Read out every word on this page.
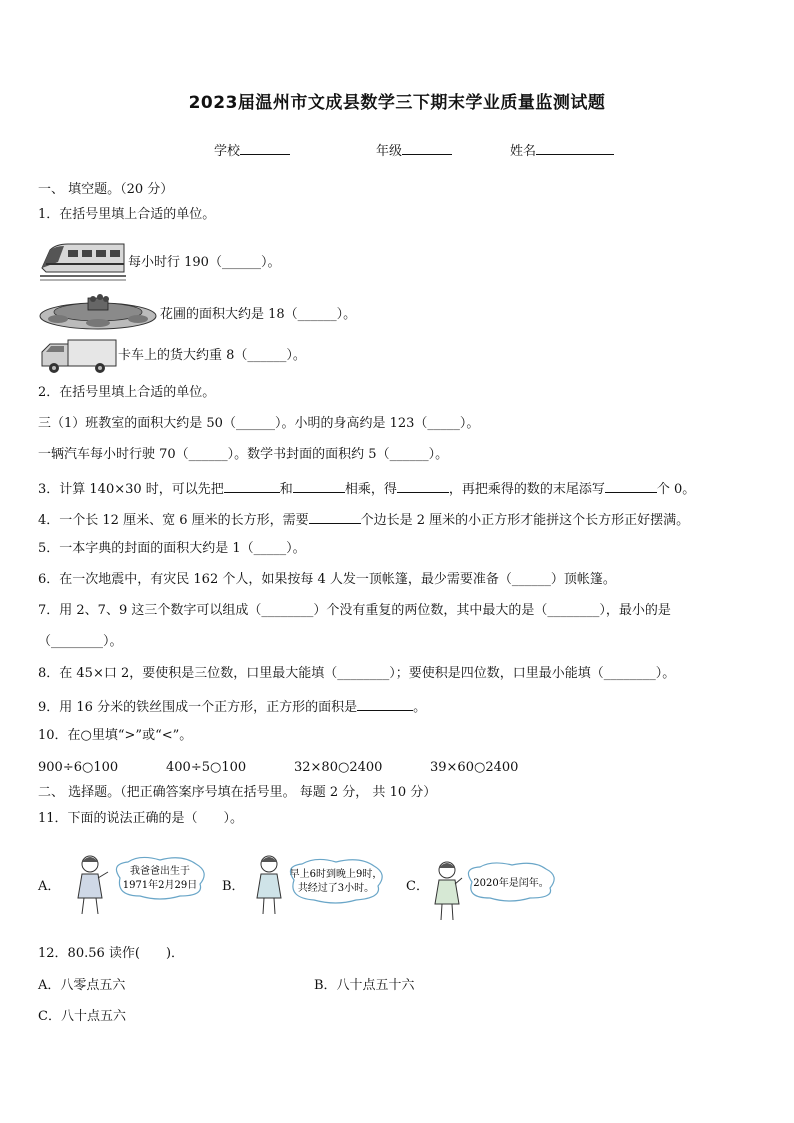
2023届温州市文成县数学三下期末学业质量监测试题
学校	年级	姓名
一、 填空题。（20 分）
1．在括号里填上合适的单位。
每小时行 190（______）。
花圃的面积大约是 18（______）。
卡车上的货大约重 8（______）。
2．在括号里填上合适的单位。
三（1）班教室的面积大约是 50（______）。小明的身高约是 123（_____）。
一辆汽车每小时行驶 70（______）。数学书封面的面积约 5（______）。
3．计算 140×30 时，可以先把	和	相乘，得	，再把乘得的数的末尾添写	个 0。
4．一个长 12 厘米、宽 6 厘米的长方形，需要	个边长是 2 厘米的小正方形才能拼这个长方形正好摆满。
5．一本字典的封面的面积大约是 1（_____）。
6．在一次地震中，有灾民 162 个人，如果按每 4 人发一顶帐篷，最少需要准备（______）顶帐篷。
7．用 2、7、9 这三个数字可以组成（________）个没有重复的两位数，其中最大的是（________），最小的是
（________）。
8．在 45×口 2，要使积是三位数，口里最大能填（________）；要使积是四位数，口里最小能填（________）。
9．用 16 分米的铁丝围成一个正方形，正方形的面积是	。
10．在○里填“>”或“<”。
900÷6○100	400÷5○100	32×80○2400	39×60○2400
二、 选择题。（把正确答案序号填在括号里。 每题 2 分， 共 10 分）
11．下面的说法正确的是（　　）。
A．
我爸爸出生于
1971年2月29日 B．
早上6时到晚上9时，
共经过了3小时。 C．	2020年是闰年。
12．80.56 读作(　　)．
A．八零点五六	B．八十点五十六
C．八十点五六
